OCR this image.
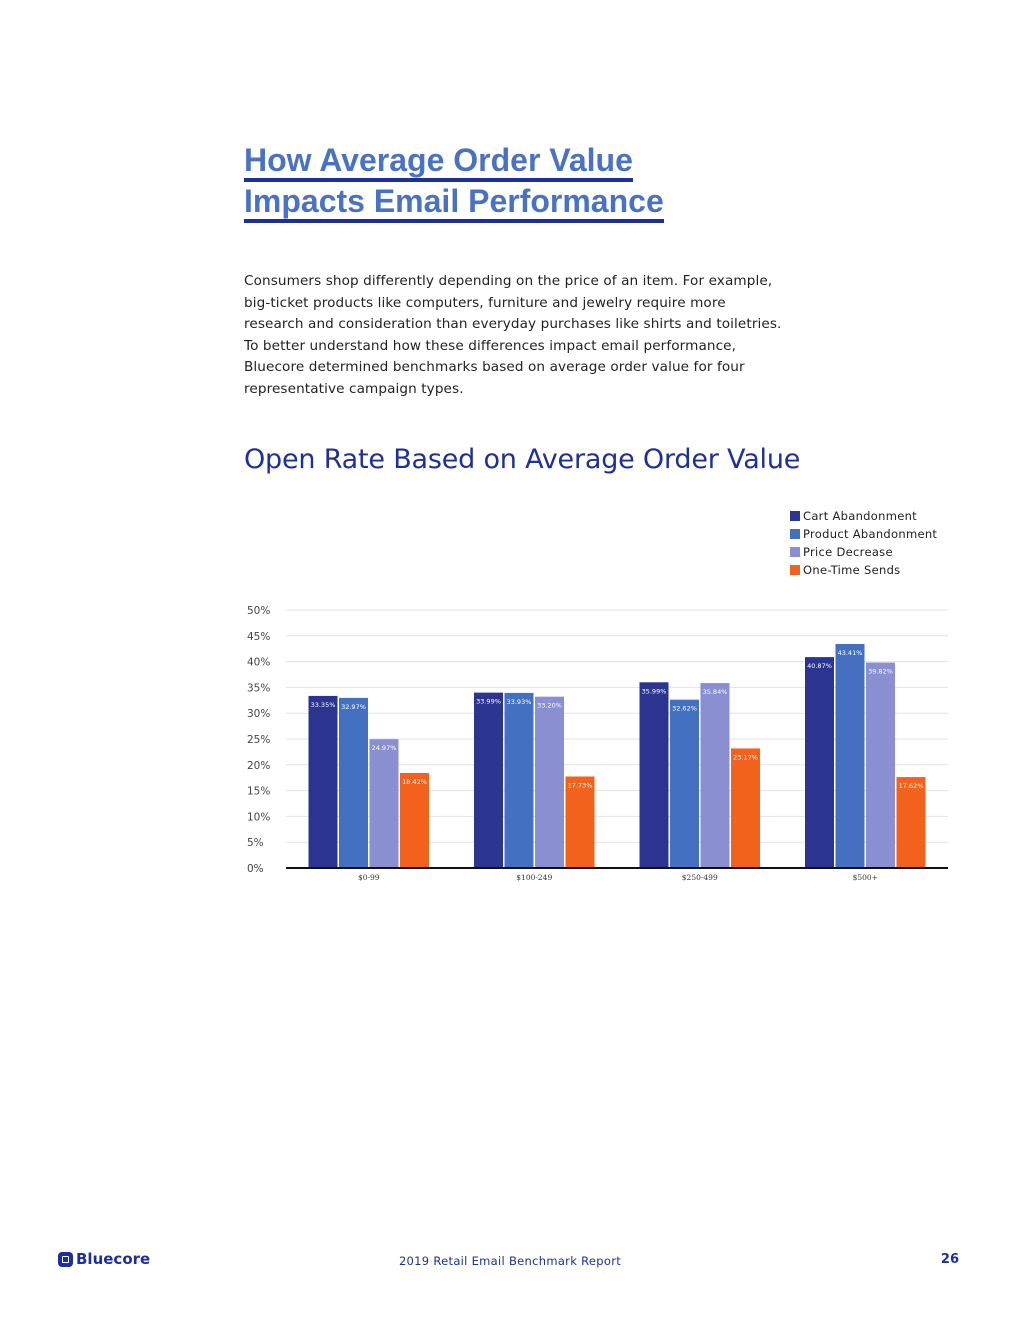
How Average Order Value
Impacts Email Performance
Consumers shop differently depending on the price of an item. For example, big-ticket products like computers, furniture and jewelry require more research and consideration than everyday purchases like shirts and toiletries. To better understand how these differences impact email performance, Bluecore determined benchmarks based on average order value for four representative campaign types.
Open Rate Based on Average Order Value
Cart Abandonment
Product Abandonment
Price Decrease
One-Time Sends
0%
5%
10%
15%
20%
25%
30%
35%
40%
45%
50%
33.35% 32.97%
24.97%
18.42%
$0-99
33.99% 33.93% 33.20%
17.73%
$100-249
35.99%
32.62%
35.84%
23.17%
$250-499
40.87%
43.41%
39.82%
17.62%
$500+
Bluecore	2019 Retail Email Benchmark Report	26
